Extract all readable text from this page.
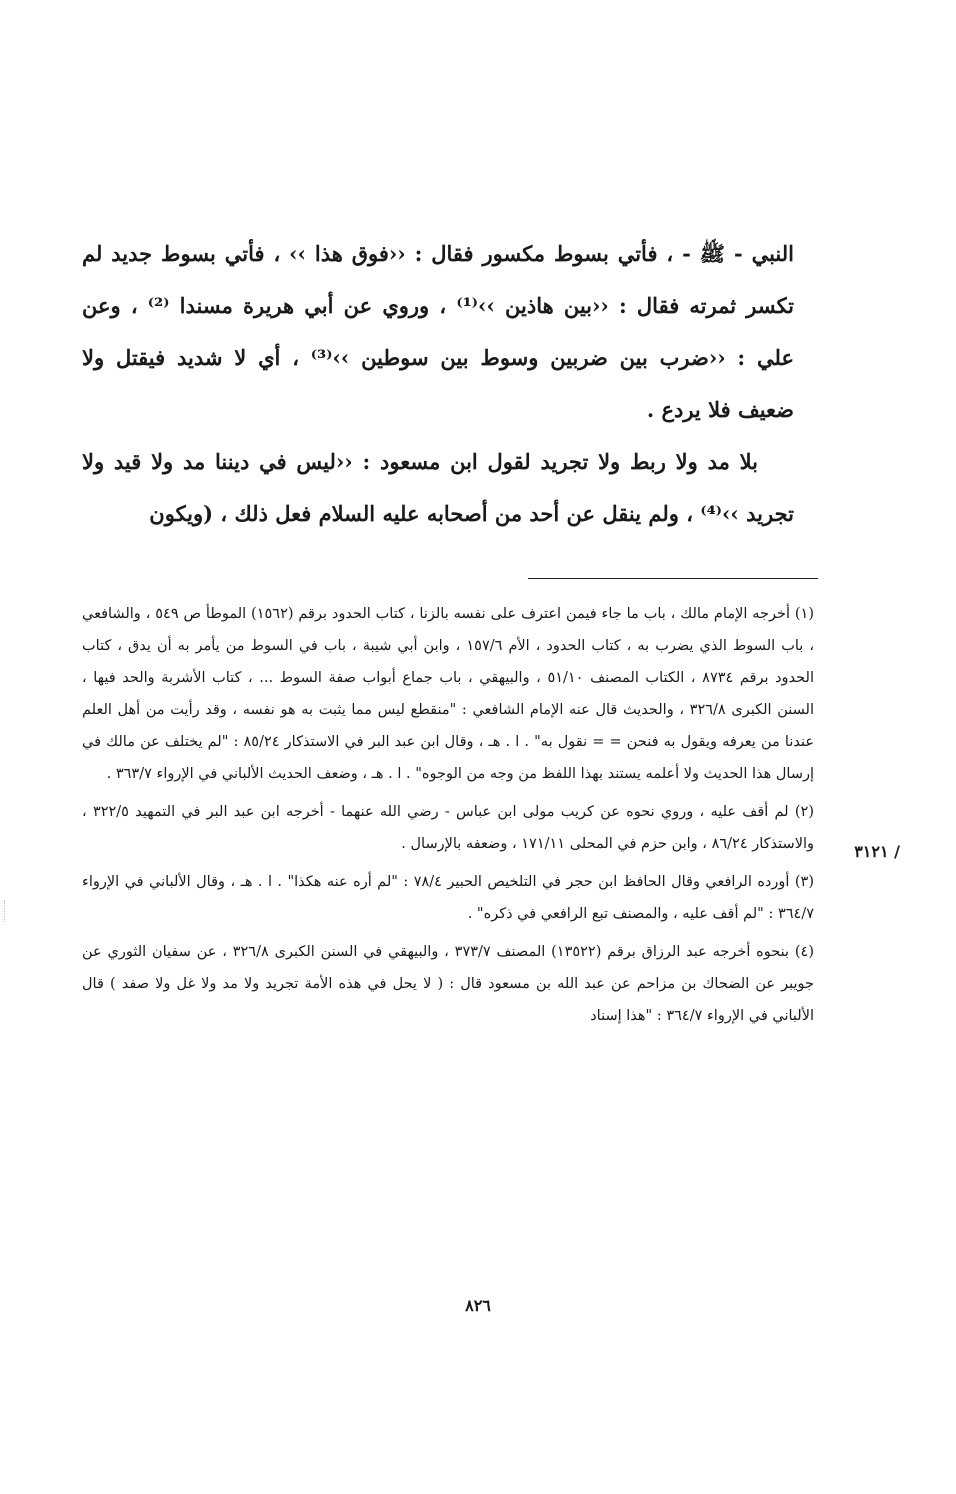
النبي - ﷺ - ، فأتي بسوط مكسور فقال : ‹‹فوق هذا ›› ، فأتي بسوط جديد لم تكسر ثمرته فقال : ‹‹بين هاذين ››⁽¹⁾ ، وروي عن أبي هريرة مسندا ⁽²⁾ ، وعن علي : ‹‹ضرب بين ضربين وسوط بين سوطين ››⁽³⁾ ، أي لا شديد فيقتل ولا ضعيف فلا يردع .

بلا مد ولا ربط ولا تجريد لقول ابن مسعود : ‹‹ليس في ديننا مد ولا قيد ولا تجريد ››⁽⁴⁾ ، ولم ينقل عن أحد من أصحابه عليه السلام فعل ذلك ، (ويكون

(١) أخرجه الإمام مالك ، باب ما جاء فيمن اعترف على نفسه بالزنا ، كتاب الحدود برقم (١٥٦٢) الموطأ ص ٥٤٩ ، والشافعي ، باب السوط الذي يضرب به ، كتاب الحدود ، الأم ١٥٧/٦ ، وابن أبي شيبة ، باب في السوط من يأمر به أن يدق ، كتاب الحدود برقم ٨٧٣٤ ، الكتاب المصنف ٥١/١٠ ، والبيهقي ، باب جماع أبواب صفة السوط ... ، كتاب الأشربة والحد فيها ، السنن الكبرى ٣٢٦/٨ ، والحديث قال عنه الإمام الشافعي : "منقطع ليس مما يثبت به هو نفسه ، وقد رأيت من أهل العلم عندنا من يعرفه ويقول به فنحن = = نقول به" . ا . هـ ، وقال ابن عبد البر في الاستذكار ٨٥/٢٤ : "لم يختلف عن مالك في إرسال هذا الحديث ولا أعلمه يستند بهذا اللفظ من وجه من الوجوه" . ا . هـ ، وضعف الحديث الألباني في الإرواء ٣٦٣/٧ .

(٢) لم أقف عليه ، وروي نحوه عن كريب مولى ابن عباس - رضي الله عنهما - أخرجه ابن عبد البر في التمهيد ٣٢٢/٥ ، والاستذكار ٨٦/٢٤ ، وابن حزم في المحلى ١٧١/١١ ، وضعفه بالإرسال .

(٣) أورده الرافعي وقال الحافظ ابن حجر في التلخيص الحبير ٧٨/٤ : "لم أره عنه هكذا" . ا . هـ ، وقال الألباني في الإرواء ٣٦٤/٧ : "لم أقف عليه ، والمصنف تبع الرافعي في ذكره" .

(٤) بنحوه أخرجه عبد الرزاق برقم (١٣٥٢٢) المصنف ٣٧٣/٧ ، والبيهقي في السنن الكبرى ٣٢٦/٨ ، عن سفيان الثوري عن جويبر عن الضحاك بن مزاحم عن عبد الله بن مسعود قال : ( لا يحل في هذه الأمة تجريد ولا مد ولا غل ولا صفد ) قال الألباني في الإرواء ٣٦٤/٧ : "هذا إسناد

/ ٣١٢١
٨٢٦
